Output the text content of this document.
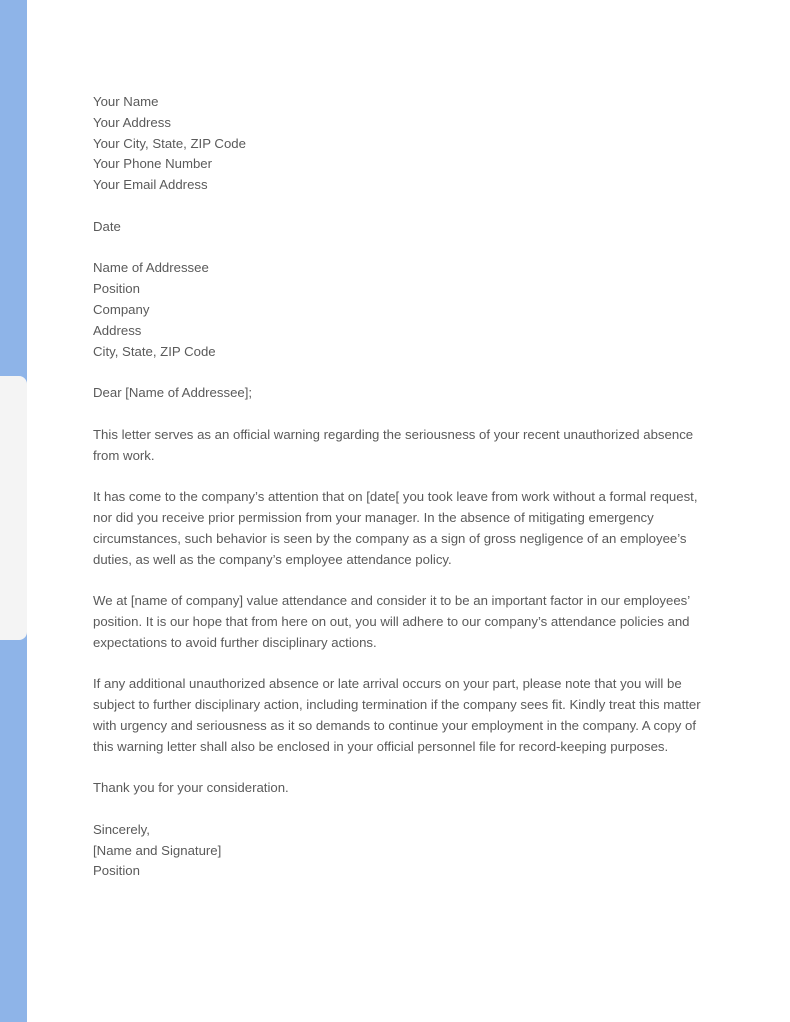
Your Name
Your Address
Your City, State, ZIP Code
Your Phone Number
Your Email Address
Date
Name of Addressee
Position
Company
Address
City, State, ZIP Code
Dear [Name of Addressee];
This letter serves as an official warning regarding the seriousness of your recent unauthorized absence from work.
It has come to the company’s attention that on [date[ you took leave from work without a formal request, nor did you receive prior permission from your manager. In the absence of mitigating emergency circumstances, such behavior is seen by the company as a sign of gross negligence of an employee’s duties, as well as the company’s employee attendance policy.
We at [name of company] value attendance and consider it to be an important factor in our employees’ position. It is our hope that from here on out, you will adhere to our company’s attendance policies and expectations to avoid further disciplinary actions.
If any additional unauthorized absence or late arrival occurs on your part, please note that you will be subject to further disciplinary action, including termination if the company sees fit. Kindly treat this matter with urgency and seriousness as it so demands to continue your employment in the company. A copy of this warning letter shall also be enclosed in your official personnel file for record-keeping purposes.
Thank you for your consideration.
Sincerely,
[Name and Signature]
Position
